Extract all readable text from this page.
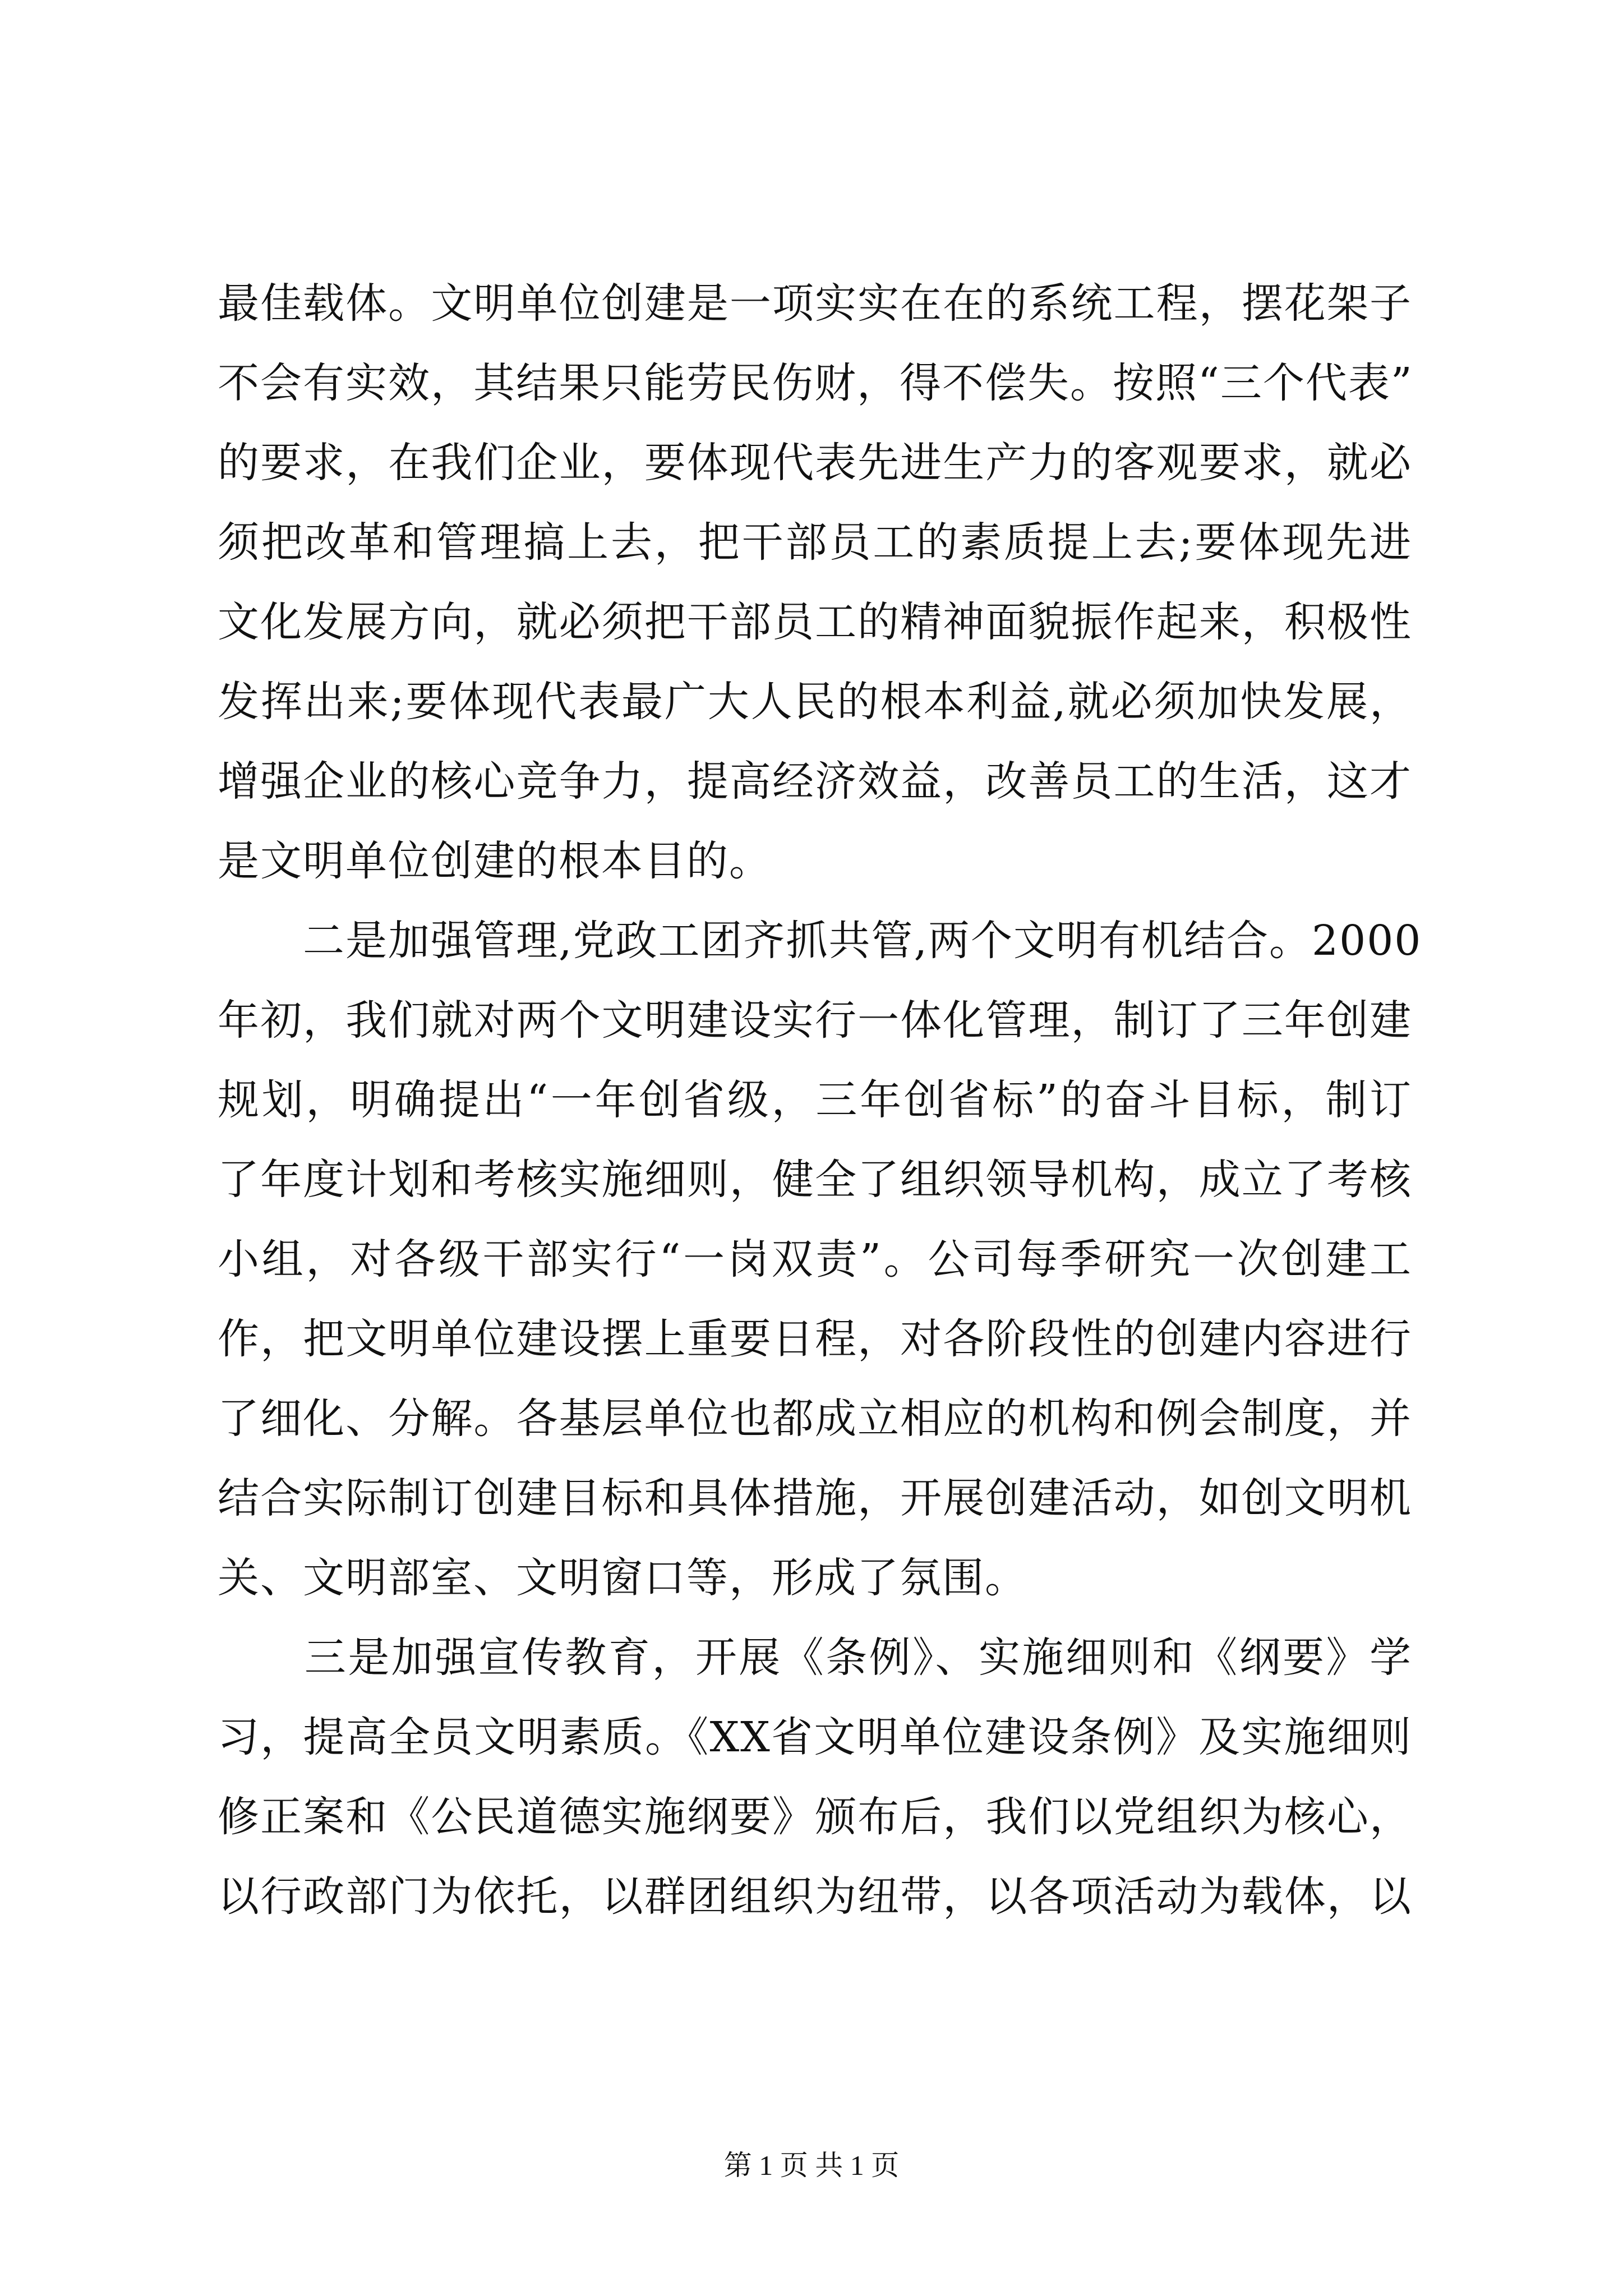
最佳载体。文明单位创建是一项实实在在的系统工程，摆花架子
不会有实效，其结果只能劳民伤财，得不偿失。按照“三个代表”
的要求，在我们企业，要体现代表先进生产力的客观要求，就必
须把改革和管理搞上去，把干部员工的素质提上去;要体现先进
文化发展方向，就必须把干部员工的精神面貌振作起来，积极性
发挥出来;要体现代表最广大人民的根本利益,就必须加快发展，
增强企业的核心竞争力，提高经济效益，改善员工的生活，这才
是文明单位创建的根本目的。
　　二是加强管理,党政工团齐抓共管,两个文明有机结合。2000
年初，我们就对两个文明建设实行一体化管理，制订了三年创建
规划，明确提出“一年创省级，三年创省标”的奋斗目标，制订
了年度计划和考核实施细则，健全了组织领导机构，成立了考核
小组，对各级干部实行“一岗双责”。公司每季研究一次创建工
作，把文明单位建设摆上重要日程，对各阶段性的创建内容进行
了细化、分解。各基层单位也都成立相应的机构和例会制度，并
结合实际制订创建目标和具体措施，开展创建活动，如创文明机
关、文明部室、文明窗口等，形成了氛围。
　　三是加强宣传教育，开展《条例》、实施细则和《纲要》学
习，提高全员文明素质。《XX省文明单位建设条例》及实施细则
修正案和《公民道德实施纲要》颁布后，我们以党组织为核心，
以行政部门为依托，以群团组织为纽带，以各项活动为载体，以
第 1 页 共 1 页
